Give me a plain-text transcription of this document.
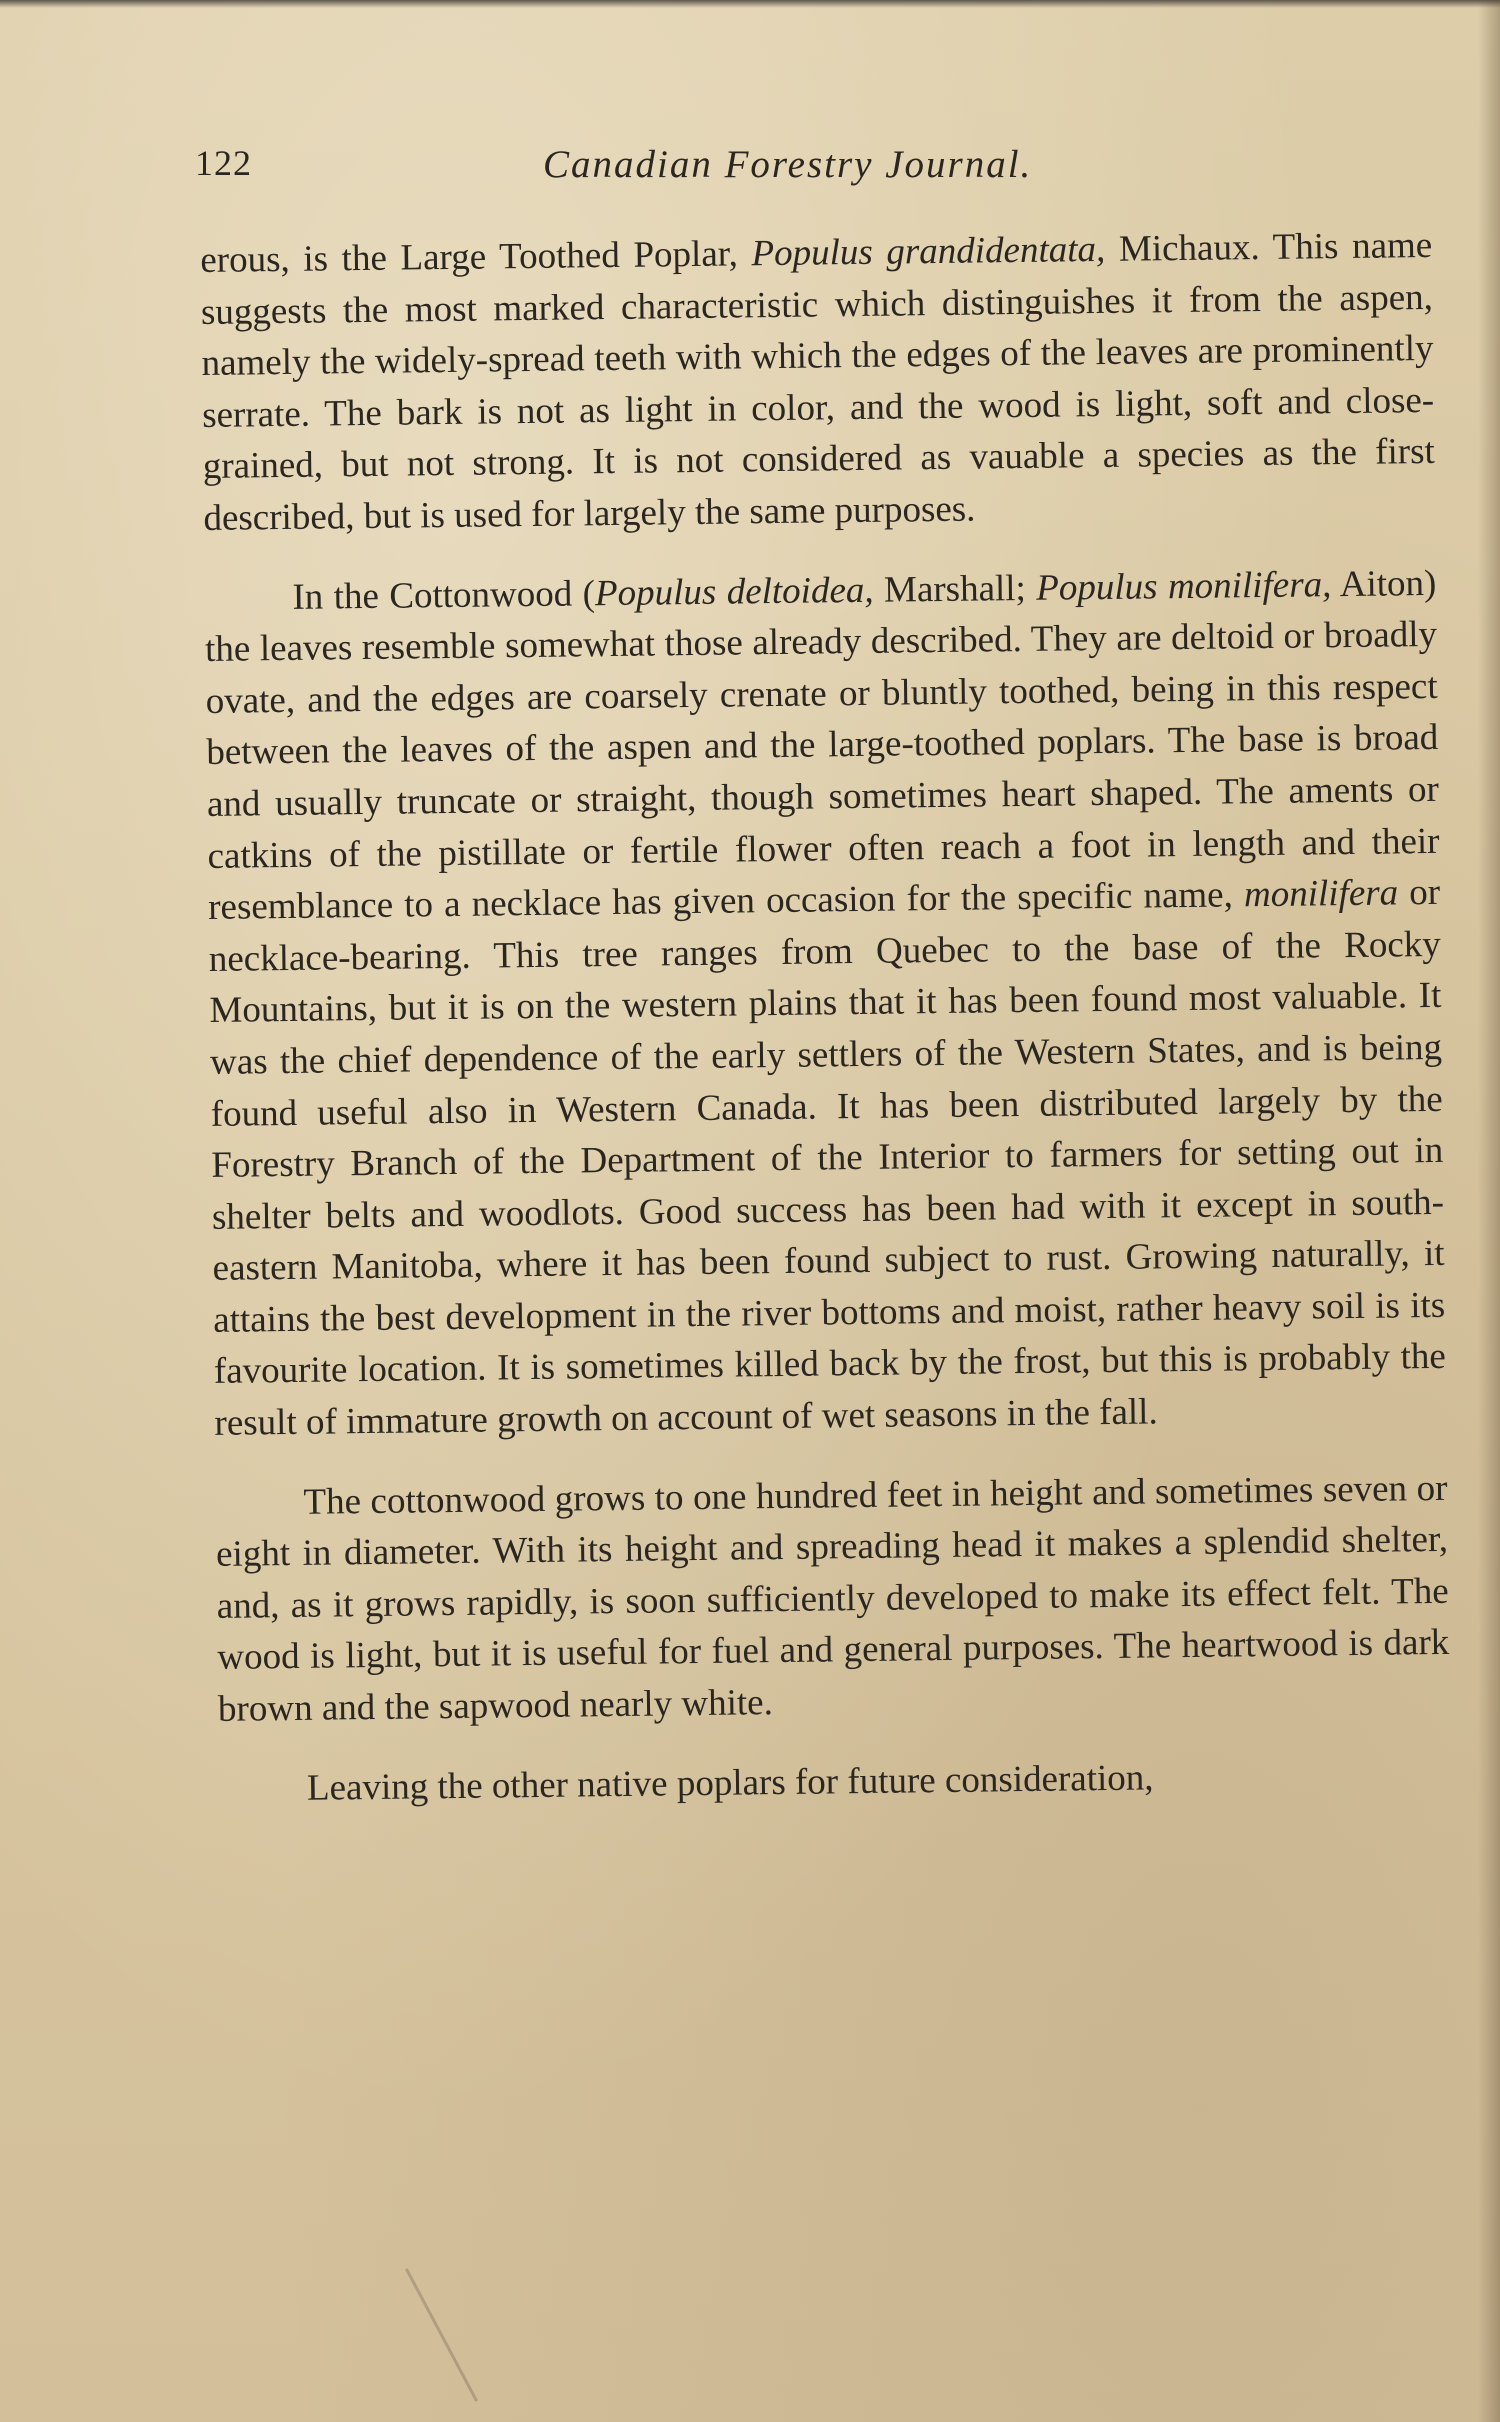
122	Canadian Forestry Journal.

erous, is the Large Toothed Poplar, Populus grandidentata, Michaux. This name suggests the most marked characteristic which distinguishes it from the aspen, namely the widely-spread teeth with which the edges of the leaves are prominently serrate. The bark is not as light in color, and the wood is light, soft and close-grained, but not strong. It is not considered as vauable a species as the first described, but is used for largely the same purposes.

In the Cottonwood (Populus deltoidea, Marshall; Populus monilifera, Aiton) the leaves resemble somewhat those already described. They are deltoid or broadly ovate, and the edges are coarsely crenate or bluntly toothed, being in this respect between the leaves of the aspen and the large-toothed poplars. The base is broad and usually truncate or straight, though sometimes heart shaped. The aments or catkins of the pistillate or fertile flower often reach a foot in length and their resemblance to a necklace has given occasion for the specific name, monilifera or necklace-bearing. This tree ranges from Quebec to the base of the Rocky Mountains, but it is on the western plains that it has been found most valuable. It was the chief dependence of the early settlers of the Western States, and is being found useful also in Western Canada. It has been distributed largely by the Forestry Branch of the Department of the Interior to farmers for setting out in shelter belts and woodlots. Good success has been had with it except in south-eastern Manitoba, where it has been found subject to rust. Growing naturally, it attains the best development in the river bottoms and moist, rather heavy soil is its favourite location. It is sometimes killed back by the frost, but this is probably the result of immature growth on account of wet seasons in the fall.

The cottonwood grows to one hundred feet in height and sometimes seven or eight in diameter. With its height and spreading head it makes a splendid shelter, and, as it grows rapidly, is soon sufficiently developed to make its effect felt. The wood is light, but it is useful for fuel and general purposes. The heartwood is dark brown and the sapwood nearly white.

Leaving the other native poplars for future consideration,
